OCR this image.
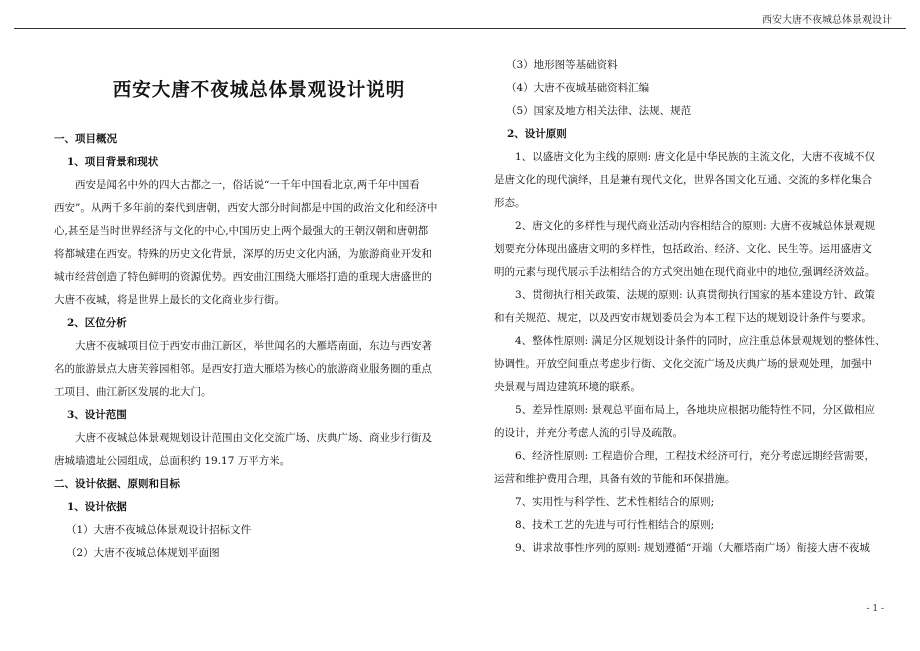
西安大唐不夜城总体景观设计
西安大唐不夜城总体景观设计说明
一、项目概况
1、项目背景和现状
西安是闻名中外的四大古都之一，俗话说“一千年中国看北京,两千年中国看
西安”。从两千多年前的秦代到唐朝，西安大部分时间都是中国的政治文化和经济中
心,甚至是当时世界经济与文化的中心,中国历史上两个最强大的王朝汉朝和唐朝都
将都城建在西安。特殊的历史文化背景，深厚的历史文化内涵，为旅游商业开发和
城市经营创造了特色鲜明的资源优势。西安曲江围绕大雁塔打造的重现大唐盛世的
大唐不夜城，将是世界上最长的文化商业步行街。
2、区位分析
大唐不夜城项目位于西安市曲江新区，举世闻名的大雁塔南面，东边与西安著
名的旅游景点大唐芙蓉园相邻。是西安打造大雁塔为核心的旅游商业服务圈的重点
工项目、曲江新区发展的北大门。
3、设计范围
大唐不夜城总体景观规划设计范围由文化交流广场、庆典广场、商业步行街及
唐城墙遗址公园组成，总面积约 19.17 万平方米。
二、设计依据、原则和目标
1、设计依据
（1）大唐不夜城总体景观设计招标文件
（2）大唐不夜城总体规划平面图
（3）地形图等基础资料
（4）大唐不夜城基础资料汇编
（5）国家及地方相关法律、法规、规范
2、设计原则
1、以盛唐文化为主线的原则: 唐文化是中华民族的主流文化，大唐不夜城不仅
是唐文化的现代演绎，且是兼有现代文化，世界各国文化互通、交流的多样化集合
形态。
2、唐文化的多样性与现代商业活动内容相结合的原则: 大唐不夜城总体景观规
划要充分体现出盛唐文明的多样性，包括政治、经济、文化、民生等。运用盛唐文
明的元素与现代展示手法相结合的方式突出她在现代商业中的地位,强调经济效益。
3、贯彻执行相关政策、法规的原则: 认真贯彻执行国家的基本建设方针、政策
和有关规范、规定，以及西安市规划委员会为本工程下达的规划设计条件与要求。
4、整体性原则: 满足分区规划设计条件的同时，应注重总体景观规划的整体性、
协调性。开放空间重点考虑步行街、文化交流广场及庆典广场的景观处理，加强中
央景观与周边建筑环境的联系。
5、差异性原则: 景观总平面布局上，各地块应根据功能特性不同，分区做相应
的设计，并充分考虑人流的引导及疏散。
6、经济性原则: 工程造价合理，工程技术经济可行，充分考虑远期经营需要，
运营和维护费用合理，具备有效的节能和环保措施。
7、实用性与科学性、艺术性相结合的原则;
8、技术工艺的先进与可行性相结合的原则;
9、讲求故事性序列的原则: 规划遵循“开端（大雁塔南广场）衔接大唐不夜城
- 1 -
